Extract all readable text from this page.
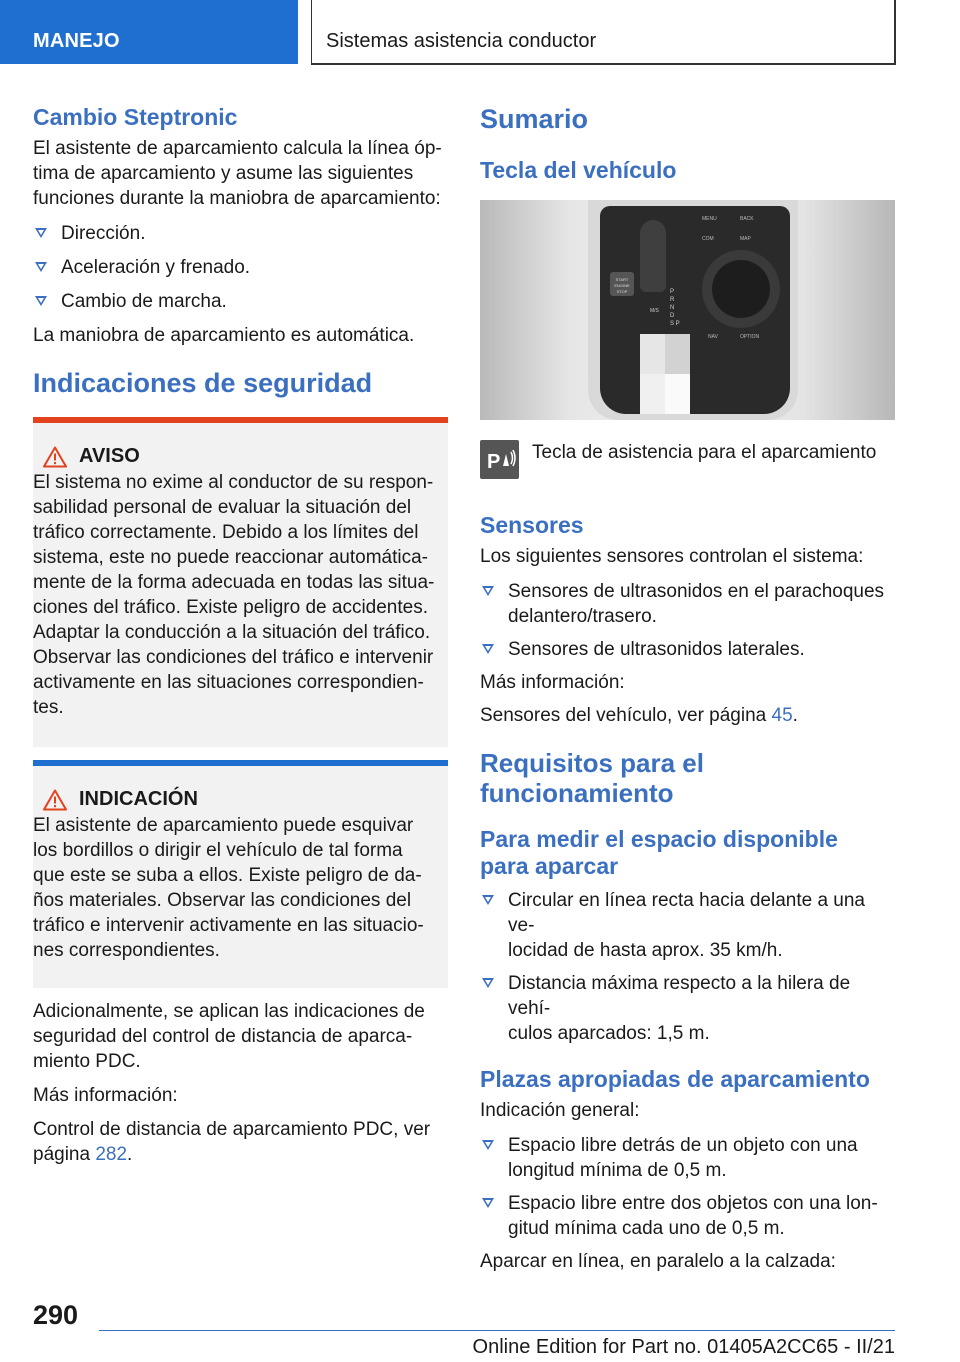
MANEJO	Sistemas asistencia conductor
Cambio Steptronic
El asistente de aparcamiento calcula la línea óp-
tima de aparcamiento y asume las siguientes
funciones durante la maniobra de aparcamiento:
Dirección.
Aceleración y frenado.
Cambio de marcha.
La maniobra de aparcamiento es automática.
Indicaciones de seguridad
AVISO
El sistema no exime al conductor de su respon-
sabilidad personal de evaluar la situación del
tráfico correctamente. Debido a los límites del
sistema, este no puede reaccionar automática-
mente de la forma adecuada en todas las situa-
ciones del tráfico. Existe peligro de accidentes.
Adaptar la conducción a la situación del tráfico.
Observar las condiciones del tráfico e intervenir
activamente en las situaciones correspondien-
tes.
INDICACIÓN
El asistente de aparcamiento puede esquivar
los bordillos o dirigir el vehículo de tal forma
que este se suba a ellos. Existe peligro de da-
ños materiales. Observar las condiciones del
tráfico e intervenir activamente en las situacio-
nes correspondientes.
Adicionalmente, se aplican las indicaciones de
seguridad del control de distancia de aparca-
miento PDC.
Más información:
Control de distancia de aparcamiento PDC, ver
página 282.
Sumario
Tecla del vehículo
P
R
N
D
S P
START
ENGINE
STOP
M/S
MENU	BACK
COM	MAP
NAV	OPTION
P Tecla de asistencia para el aparcamiento
Sensores
Los siguientes sensores controlan el sistema:
Sensores de ultrasonidos en el parachoques
delantero/trasero.
Sensores de ultrasonidos laterales.
Más información:
Sensores del vehículo, ver página 45.
Requisitos para el
funcionamiento
Para medir el espacio disponible
para aparcar
Circular en línea recta hacia delante a una ve-
locidad de hasta aprox. 35 km/h.
Distancia máxima respecto a la hilera de vehí-
culos aparcados: 1,5 m.
Plazas apropiadas de aparcamiento
Indicación general:
Espacio libre detrás de un objeto con una
longitud mínima de 0,5 m.
Espacio libre entre dos objetos con una lon-
gitud mínima cada uno de 0,5 m.
Aparcar en línea, en paralelo a la calzada:
290
Online Edition for Part no. 01405A2CC65 - II/21
